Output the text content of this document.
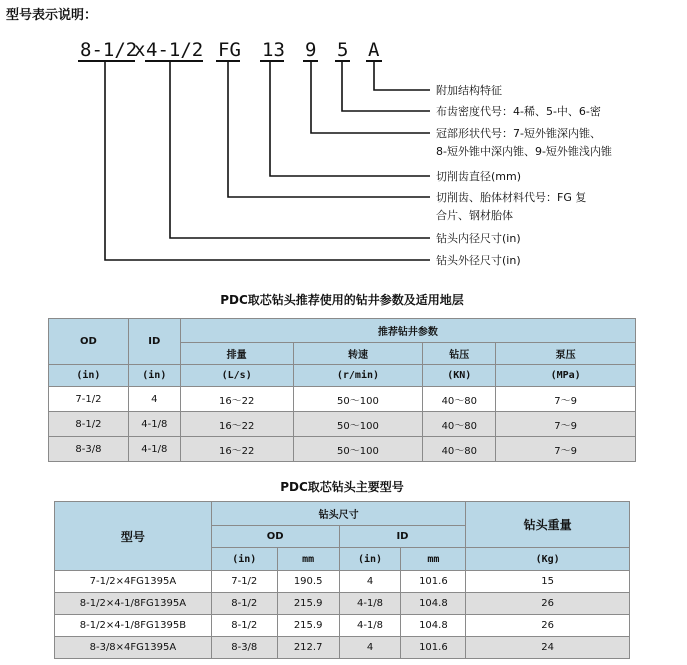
型号表示说明：
8-1/2
x 4-1/2 FG 13 9 5 A
附加结构特征
布齿密度代号：4-稀、5-中、6-密
冠部形状代号：7-短外锥深内锥、
8-短外锥中深内锥、9-短外锥浅内锥
切削齿直径(mm)
切削齿、胎体材料代号：FG 复
合片、钢材胎体
钻头内径尺寸(in)
钻头外径尺寸(in)
PDC取芯钻头推荐使用的钻井参数及适用地层
OD	ID	推荐钻井参数			
		排量	转速	钻压	泵压
(in)	(in)	(L/s)	(r/min)	(KN)	(MPa)
7-1/2	4	16～22	50～100	40～80	7～9
8-1/2	4-1/8	16～22	50～100	40～80	7～9
8-3/8	4-1/8	16～22	50～100	40～80	7～9
PDC取芯钻头主要型号
型号	钻头尺寸				钻头重量
	OD		ID		
	(in)	mm	(in)	mm	(Kg)
7-1/2×4FG1395A	7-1/2	190.5	4	101.6	15
8-1/2×4-1/8FG1395A	8-1/2	215.9	4-1/8	104.8	26
8-1/2×4-1/8FG1395B	8-1/2	215.9	4-1/8	104.8	26
8-3/8×4FG1395A	8-3/8	212.7	4	101.6	24
